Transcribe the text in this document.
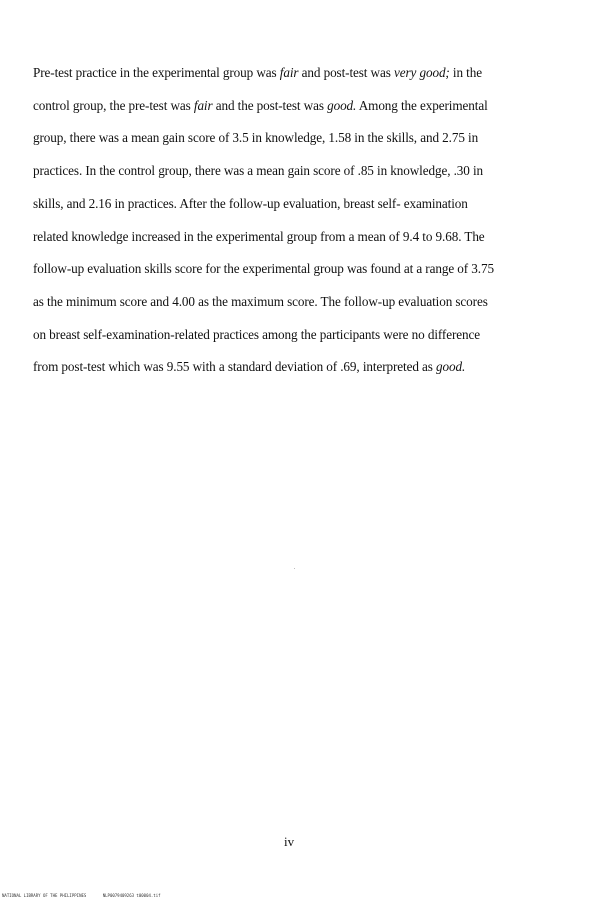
Pre-test practice in the experimental group was fair and post-test was very good; in the
control group, the pre-test was fair and the post-test was good. Among the experimental
group, there was a mean gain score of 3.5 in knowledge, 1.58 in the skills, and 2.75 in
practices. In the control group, there was a mean gain score of .85 in knowledge, .30 in
skills, and 2.16 in practices. After the follow-up evaluation, breast self- examination
related knowledge increased in the experimental group from a mean of 9.4 to 9.68. The
follow-up evaluation skills score for the experimental group was found at a range of 3.75
as the minimum score and 4.00 as the maximum score. The follow-up evaluation scores
on breast self-examination-related practices among the participants were no difference
from post-test which was 9.55 with a standard deviation of .69, interpreted as good.
iv
NATIONAL LIBRARY OF THE PHILIPPINES	NLP0079409263 t00004.tif
